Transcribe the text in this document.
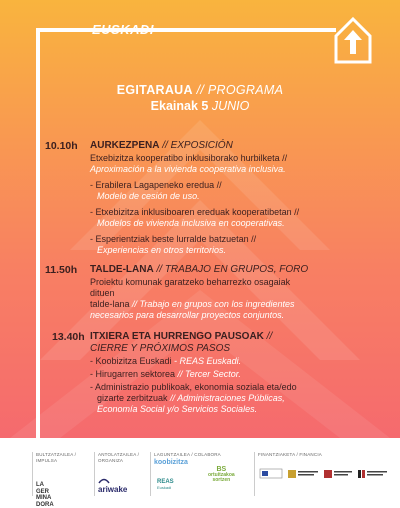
EUSKADI
EGITARAUA // PROGRAMA
Ekainak 5 JUNIO
10.10h AURKEZPENA // EXPOSICIÓN
Etxebizitza kooperatibo inklusiborako hurbilketa //
Aproximación a la vivienda cooperativa inclusiva.
- Erabilera Lagapeneko eredua //
Modelo de cesión de uso.
- Etxebizitza inklusiboaren ereduak kooperatibetan //
Modelos de vivienda inclusiva en cooperativas.
- Esperientziak beste lurralde batzuetan //
Experiencias en otros territorios.
11.50h TALDE-LANA // TRABAJO EN GRUPOS, FORO
Proiektu komunak garatzeko beharrezko osagaiak
dituen
talde-lana // Trabajo en grupos con los ingredientes
necesarios para desarrollar proyectos conjuntos.
13.40h ITXIERA ETA HURRENGO PAUSOAK //
CIERRE Y PRÓXIMOS PASOS
- Koobizitza Euskadi - REAS Euskadi.
- Hirugarren sektorea // Tercer Sector.
- Administrazio publikoak, ekonomia soziala eta/edo
gizarte zerbitzuak // Administraciones Públicas,
Economía Social y/o Servicios Sociales.
BULTZATZAILEA / IMPULSA
LA
GER
MINA
DORA
ANTOLATZAILEA / ORGANIZA
ariwake
LAGUNTZAILEA / COLABORA
koobizitza
REAS
Euskadi
BS
ortuitzakoa
sortzen
FINANTZIAKETA / FINANCIA
